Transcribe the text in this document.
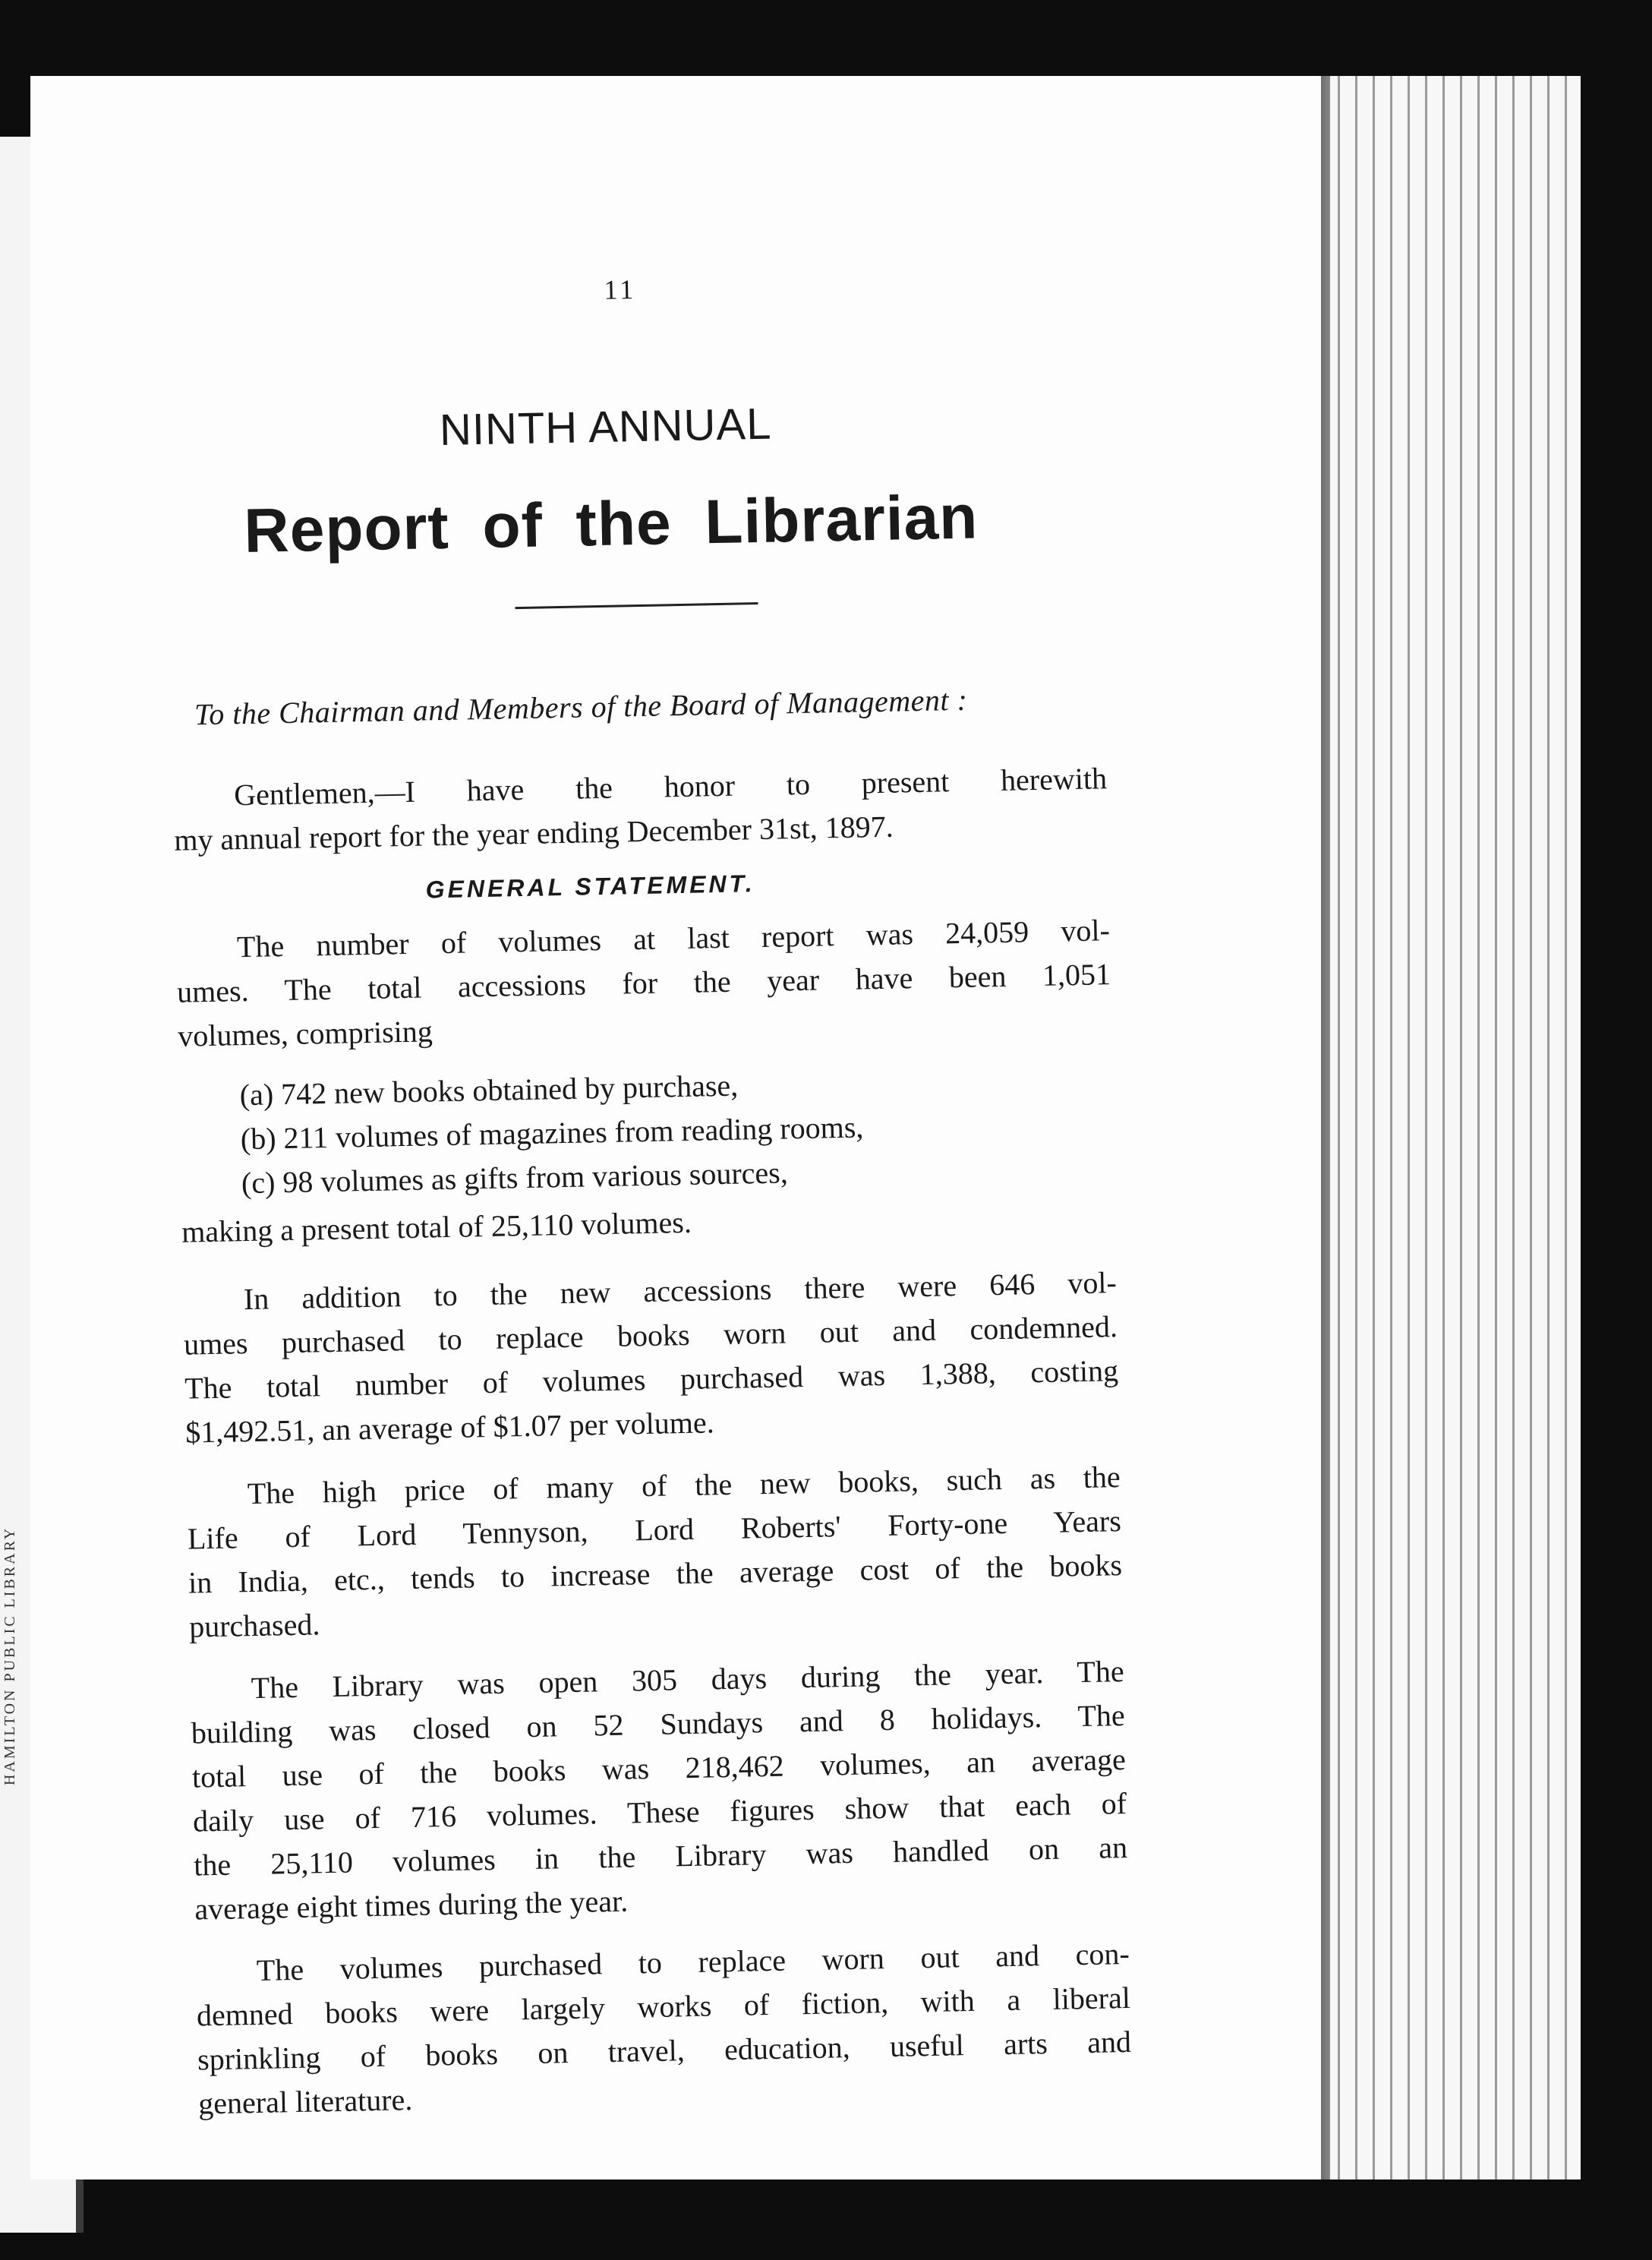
HAMILTON PUBLIC LIBRARY
11
NINTH ANNUAL
Report of the Librarian
To the Chairman and Members of the Board of Management :
Gentlemen,—I have the honor to present herewith
my annual report for the year ending December 31st, 1897.
GENERAL STATEMENT.
The number of volumes at last report was 24,059 vol-
umes. The total accessions for the year have been 1,051
volumes, comprising
(a) 742 new books obtained by purchase,
(b) 211 volumes of magazines from reading rooms,
(c) 98 volumes as gifts from various sources,
making a present total of 25,110 volumes.
In addition to the new accessions there were 646 vol-
umes purchased to replace books worn out and condemned.
The total number of volumes purchased was 1,388, costing
$1,492.51, an average of $1.07 per volume.
The high price of many of the new books, such as the
Life of Lord Tennyson, Lord Roberts' Forty-one Years
in India, etc., tends to increase the average cost of the books
purchased.
The Library was open 305 days during the year. The
building was closed on 52 Sundays and 8 holidays. The
total use of the books was 218,462 volumes, an average
daily use of 716 volumes. These figures show that each of
the 25,110 volumes in the Library was handled on an
average eight times during the year.
The volumes purchased to replace worn out and con-
demned books were largely works of fiction, with a liberal
sprinkling of books on travel, education, useful arts and
general literature.
